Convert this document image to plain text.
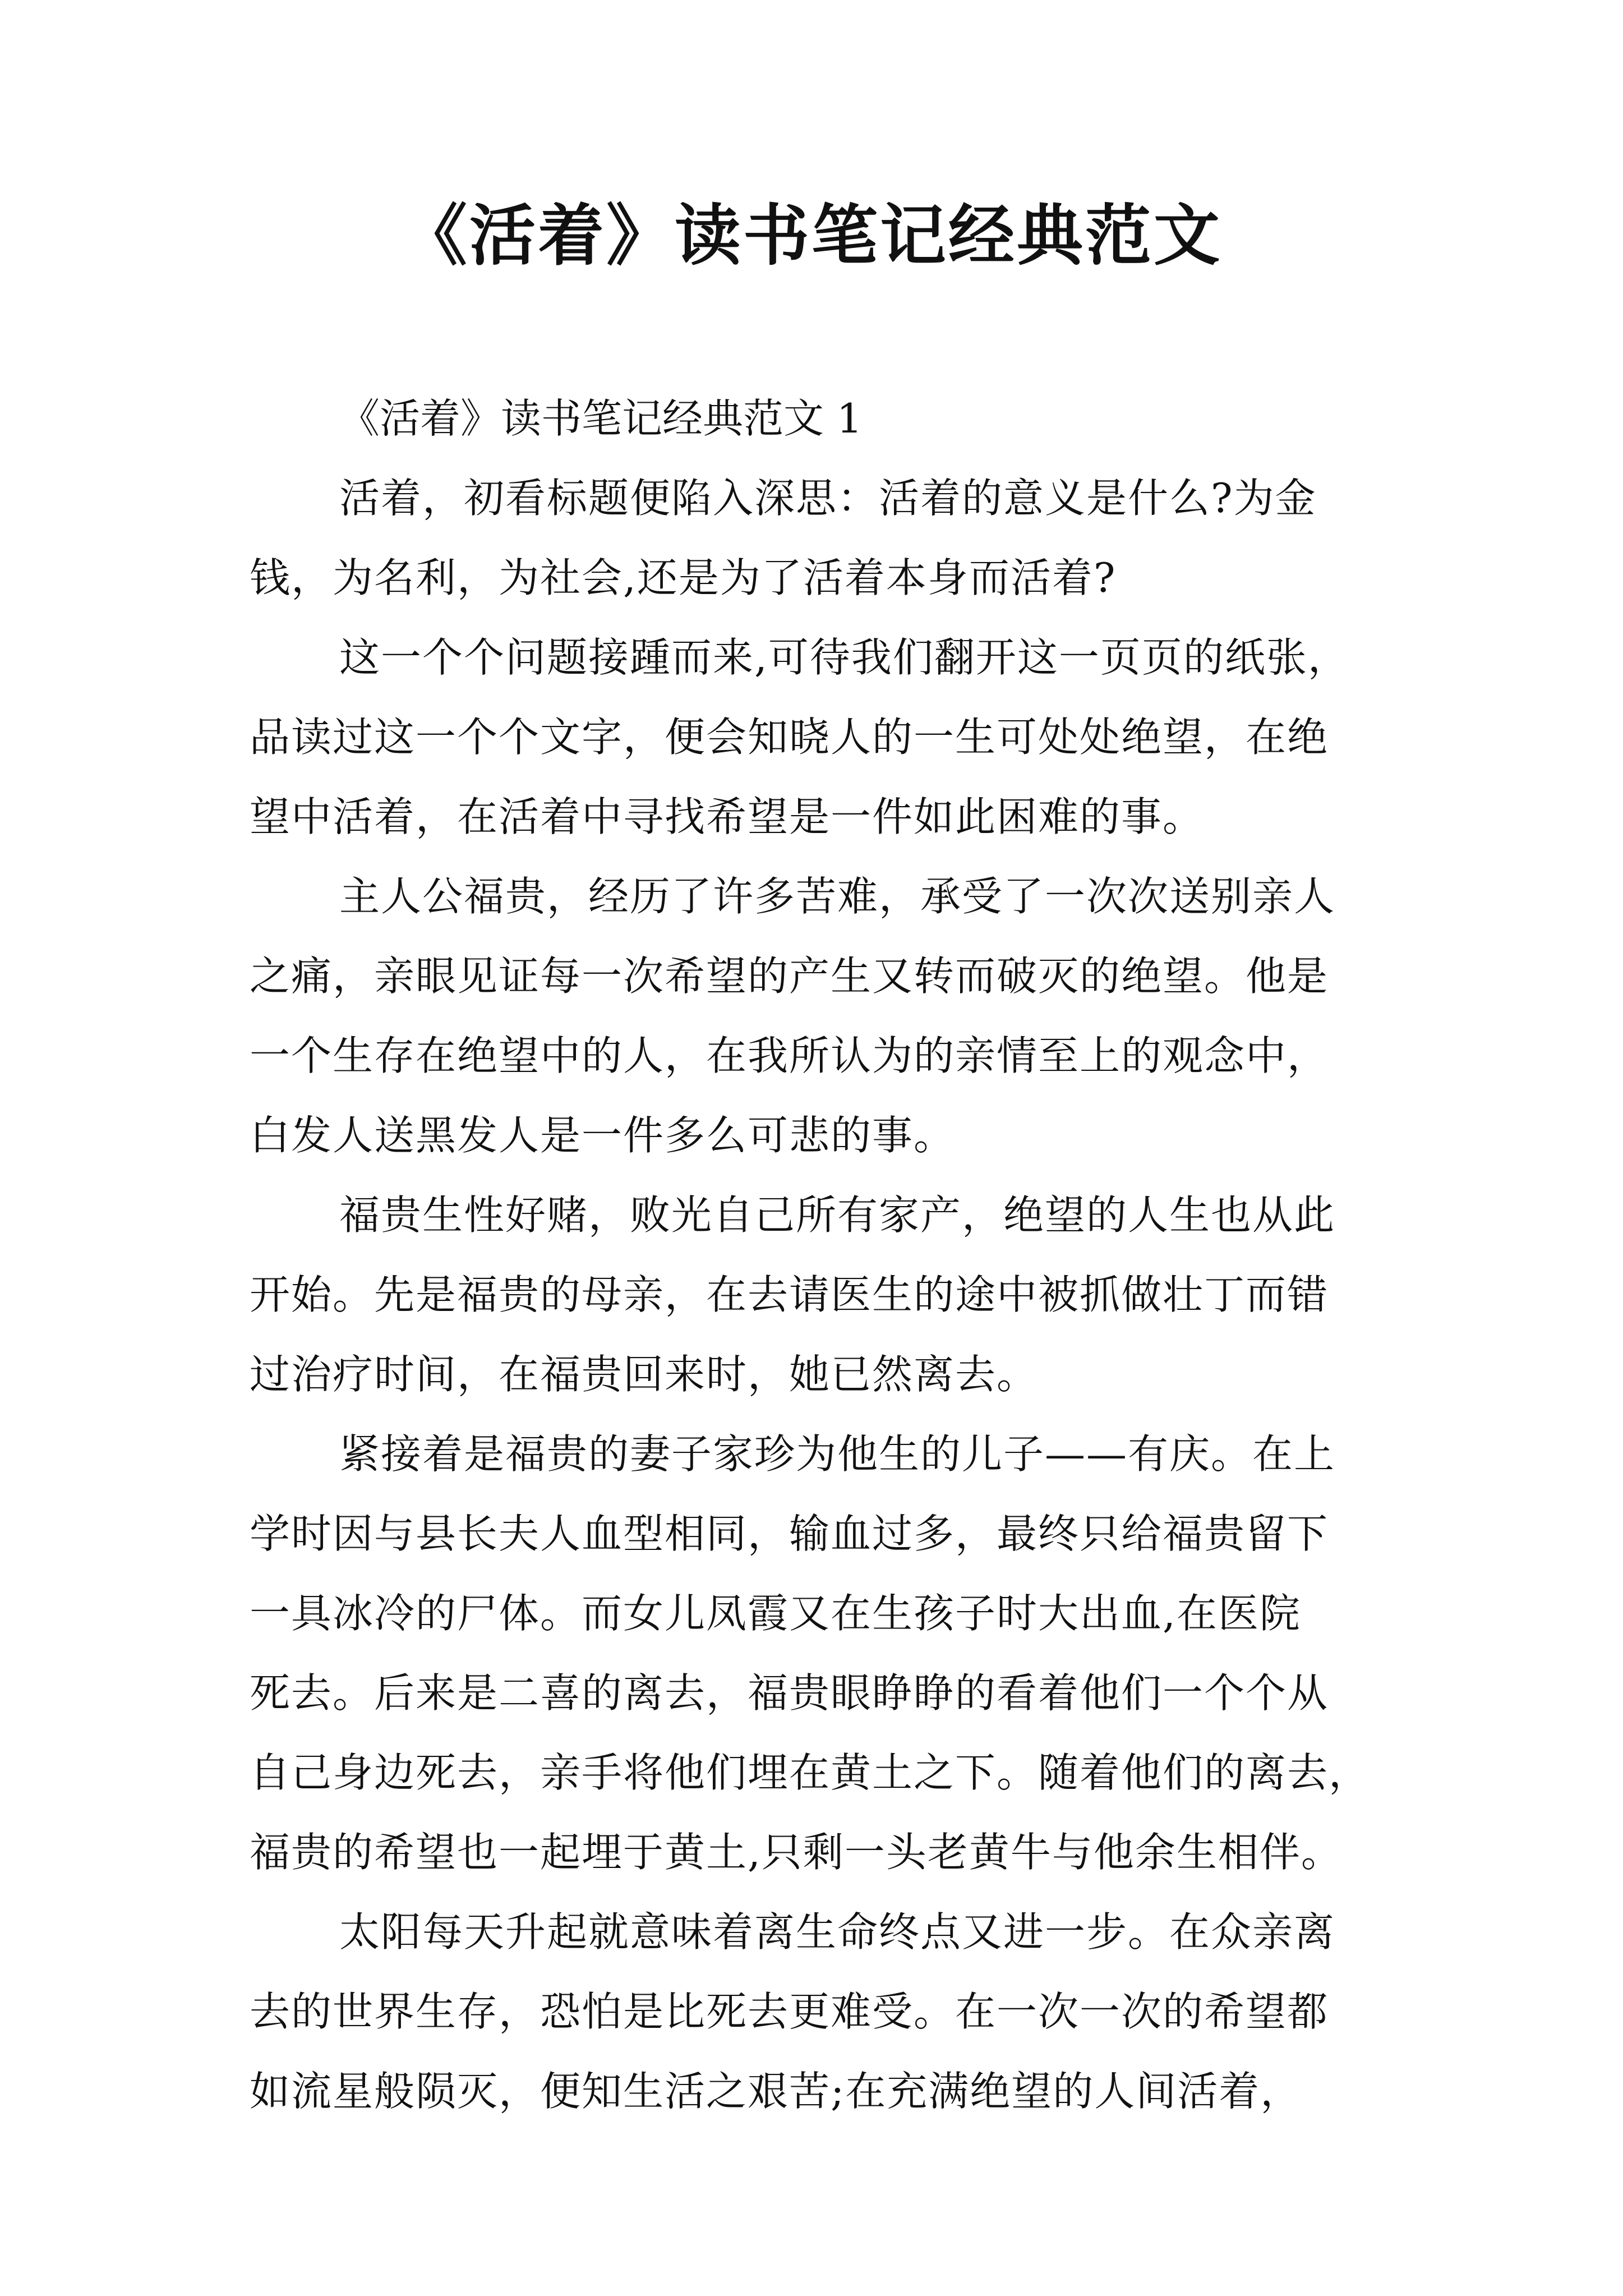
《活着》读书笔记经典范文

《活着》读书笔记经典范文 1

活着，初看标题便陷入深思：活着的意义是什么?为金
钱，为名利，为社会,还是为了活着本身而活着?

这一个个问题接踵而来,可待我们翻开这一页页的纸张，
品读过这一个个文字，便会知晓人的一生可处处绝望，在绝
望中活着，在活着中寻找希望是一件如此困难的事。

主人公福贵，经历了许多苦难，承受了一次次送别亲人
之痛，亲眼见证每一次希望的产生又转而破灭的绝望。他是
一个生存在绝望中的人，在我所认为的亲情至上的观念中，
白发人送黑发人是一件多么可悲的事。

福贵生性好赌，败光自己所有家产，绝望的人生也从此
开始。先是福贵的母亲，在去请医生的途中被抓做壮丁而错
过治疗时间，在福贵回来时，她已然离去。

紧接着是福贵的妻子家珍为他生的儿子——有庆。在上
学时因与县长夫人血型相同，输血过多，最终只给福贵留下
一具冰冷的尸体。而女儿凤霞又在生孩子时大出血,在医院
死去。后来是二喜的离去，福贵眼睁睁的看着他们一个个从
自己身边死去，亲手将他们埋在黄土之下。随着他们的离去，
福贵的希望也一起埋于黄土,只剩一头老黄牛与他余生相伴。

太阳每天升起就意味着离生命终点又进一步。在众亲离
去的世界生存，恐怕是比死去更难受。在一次一次的希望都
如流星般陨灭，便知生活之艰苦;在充满绝望的人间活着，
